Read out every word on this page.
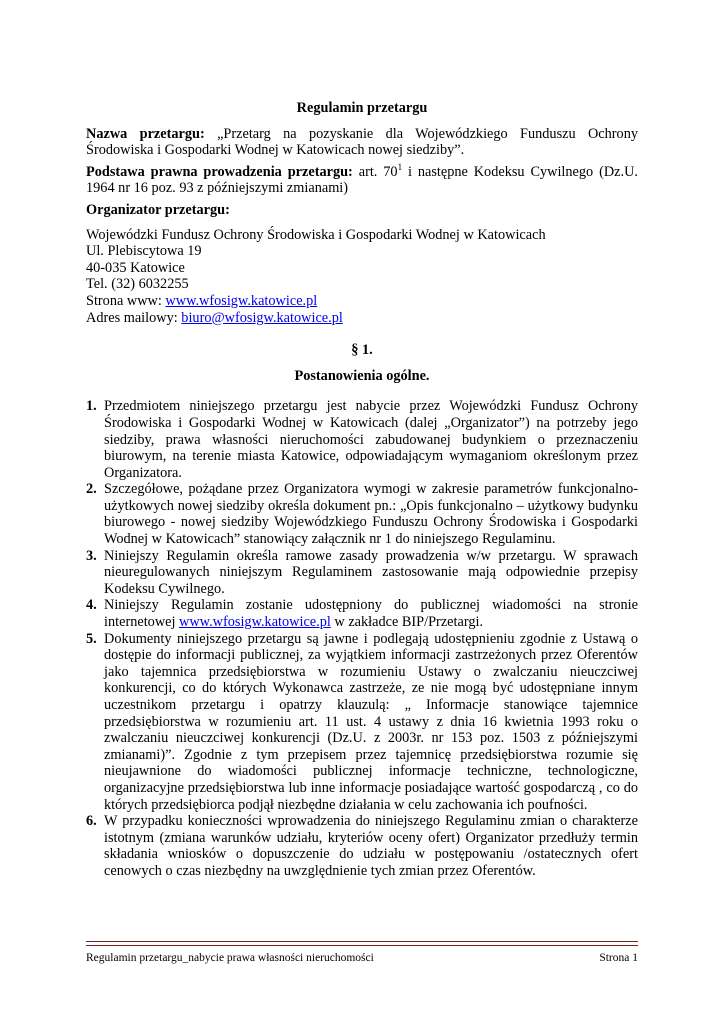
Regulamin przetargu
Nazwa przetargu: „Przetarg na pozyskanie dla Wojewódzkiego Funduszu Ochrony Środowiska i Gospodarki Wodnej w Katowicach nowej siedziby”.
Podstawa prawna prowadzenia przetargu: art. $70^1$ i następne Kodeksu Cywilnego (Dz.U. 1964 nr 16 poz. 93 z późniejszymi zmianami)
Organizator przetargu:
Wojewódzki Fundusz Ochrony Środowiska i Gospodarki Wodnej w Katowicach
Ul. Plebiscytowa 19
40-035 Katowice
Tel. (32) 6032255
Strona www: www.wfosigw.katowice.pl
Adres mailowy: biuro@wfosigw.katowice.pl
§ 1.
Postanowienia ogólne.
1. Przedmiotem niniejszego przetargu jest nabycie przez Wojewódzki Fundusz Ochrony Środowiska i Gospodarki Wodnej w Katowicach (dalej „Organizator”) na potrzeby jego siedziby, prawa własności nieruchomości zabudowanej budynkiem o przeznaczeniu biurowym, na terenie miasta Katowice, odpowiadającym wymaganiom określonym przez Organizatora.
2. Szczegółowe, pożądane przez Organizatora wymogi w zakresie parametrów funkcjonalno-użytkowych nowej siedziby określa dokument pn.: „Opis funkcjonalno – użytkowy budynku biurowego - nowej siedziby Wojewódzkiego Funduszu Ochrony Środowiska i Gospodarki Wodnej w Katowicach” stanowiący załącznik nr 1 do niniejszego Regulaminu.
3. Niniejszy Regulamin określa ramowe zasady prowadzenia w/w przetargu. W sprawach nieuregulowanych niniejszym Regulaminem zastosowanie mają odpowiednie przepisy Kodeksu Cywilnego.
4. Niniejszy Regulamin zostanie udostępniony do publicznej wiadomości na stronie internetowej www.wfosigw.katowice.pl w zakładce BIP/Przetargi.
5. Dokumenty niniejszego przetargu są jawne i podlegają udostępnieniu zgodnie z Ustawą o dostępie do informacji publicznej, za wyjątkiem informacji zastrzeżonych przez Oferentów jako tajemnica przedsiębiorstwa w rozumieniu Ustawy o zwalczaniu nieuczciwej konkurencji, co do których Wykonawca zastrzeże, ze nie mogą być udostępniane innym uczestnikom przetargu i opatrzy klauzulą: „ Informacje stanowiące tajemnice przedsiębiorstwa w rozumieniu art. 11 ust. 4 ustawy z dnia 16 kwietnia 1993 roku o zwalczaniu nieuczciwej konkurencji (Dz.U. z 2003r. nr 153 poz. 1503 z późniejszymi zmianami)”. Zgodnie z tym przepisem przez tajemnicę przedsiębiorstwa rozumie się nieujawnione do wiadomości publicznej informacje techniczne, technologiczne, organizacyjne przedsiębiorstwa lub inne informacje posiadające wartość gospodarczą , co do których przedsiębiorca podjął niezbędne działania w celu zachowania ich poufności.
6. W przypadku konieczności wprowadzenia do niniejszego Regulaminu zmian o charakterze istotnym (zmiana warunków udziału, kryteriów oceny ofert) Organizator przedłuży termin składania wniosków o dopuszczenie do udziału w postępowaniu /ostatecznych ofert cenowych o czas niezbędny na uwzględnienie tych zmian przez Oferentów.
Regulamin przetargu_nabycie prawa własności nieruchomości	Strona 1
